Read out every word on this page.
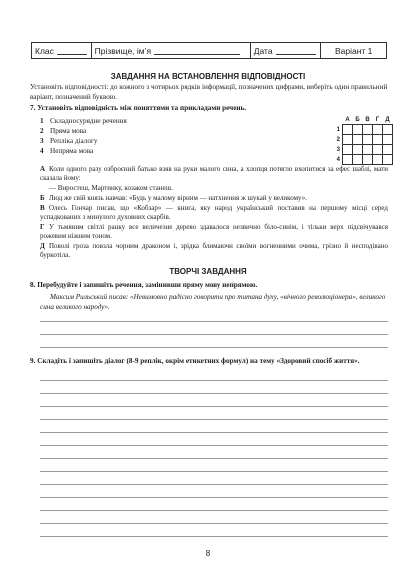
Клас	Прізвище, ім’я	Дата	Варіант 1
ЗАВДАННЯ НА ВСТАНОВЛЕННЯ ВІДПОВІДНОСТІ
Установіть відповідності: до кожного з чотирьох рядків інформації, позначених цифрами, виберіть один правильний варіант, позначений буквою.
7. Установіть відповідність між поняттями та прикладами речень.
1 Складносурядне речення
2 Пряма мова
3 Репліка діалогу
4 Непряма мова
	А	Б	В	Г	Д
1					
2					
3					
4					
А Коли одного разу озброєний батько взяв на руки малого сина, а хлопця потягло вхопитися за ефес шаблі, мати сказала йому:
— Виростеш, Мартинку, козаком станеш.
Б Люд же свій князь навчав: «Будь у малому вірним — натхнення ж шукай у великому».
В Олесь Гончар писав, що «Кобзар» — книга, яку народ український поставив на першому місці серед успадкованих з минулого духовних скарбів.
Г У тьмяним світлі ранку все величезне дерево здавалося незвично біло-синім, і тільки верх підсвічувався рожевим ніжним тоном.
Д Поволі гроза повзла чорним драконом і, зрідка блимаючи своїми вогненними очима, грізно й несподівано буркотіла.
ТВОРЧІ ЗАВДАННЯ
8. Перебудуйте і запишіть речення, замінивши пряму мову непрямою.
Максим Рильський писав: «Невимовно радісно говорити про титана духу, «вічного революціонера», великого сина великого народу».
9. Складіть і запишіть діалог (8-9 реплік, окрім етикетних формул) на тему «Здоровий спосіб життя».
8
